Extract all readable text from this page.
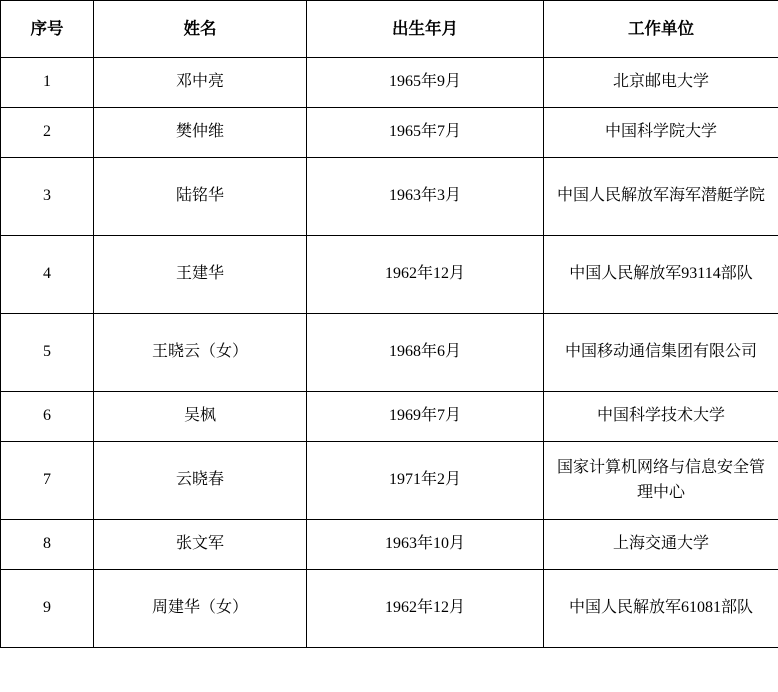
序号	姓名	出生年月	工作单位
1	邓中亮	1965年9月	北京邮电大学
2	樊仲维	1965年7月	中国科学院大学
3	陆铭华	1963年3月	中国人民解放军海军潜艇学院
4	王建华	1962年12月	中国人民解放军93114部队
5	王晓云（女）	1968年6月	中国移动通信集团有限公司
6	吴枫	1969年7月	中国科学技术大学
7	云晓春	1971年2月	国家计算机网络与信息安全管理中心
8	张文军	1963年10月	上海交通大学
9	周建华（女）	1962年12月	中国人民解放军61081部队
